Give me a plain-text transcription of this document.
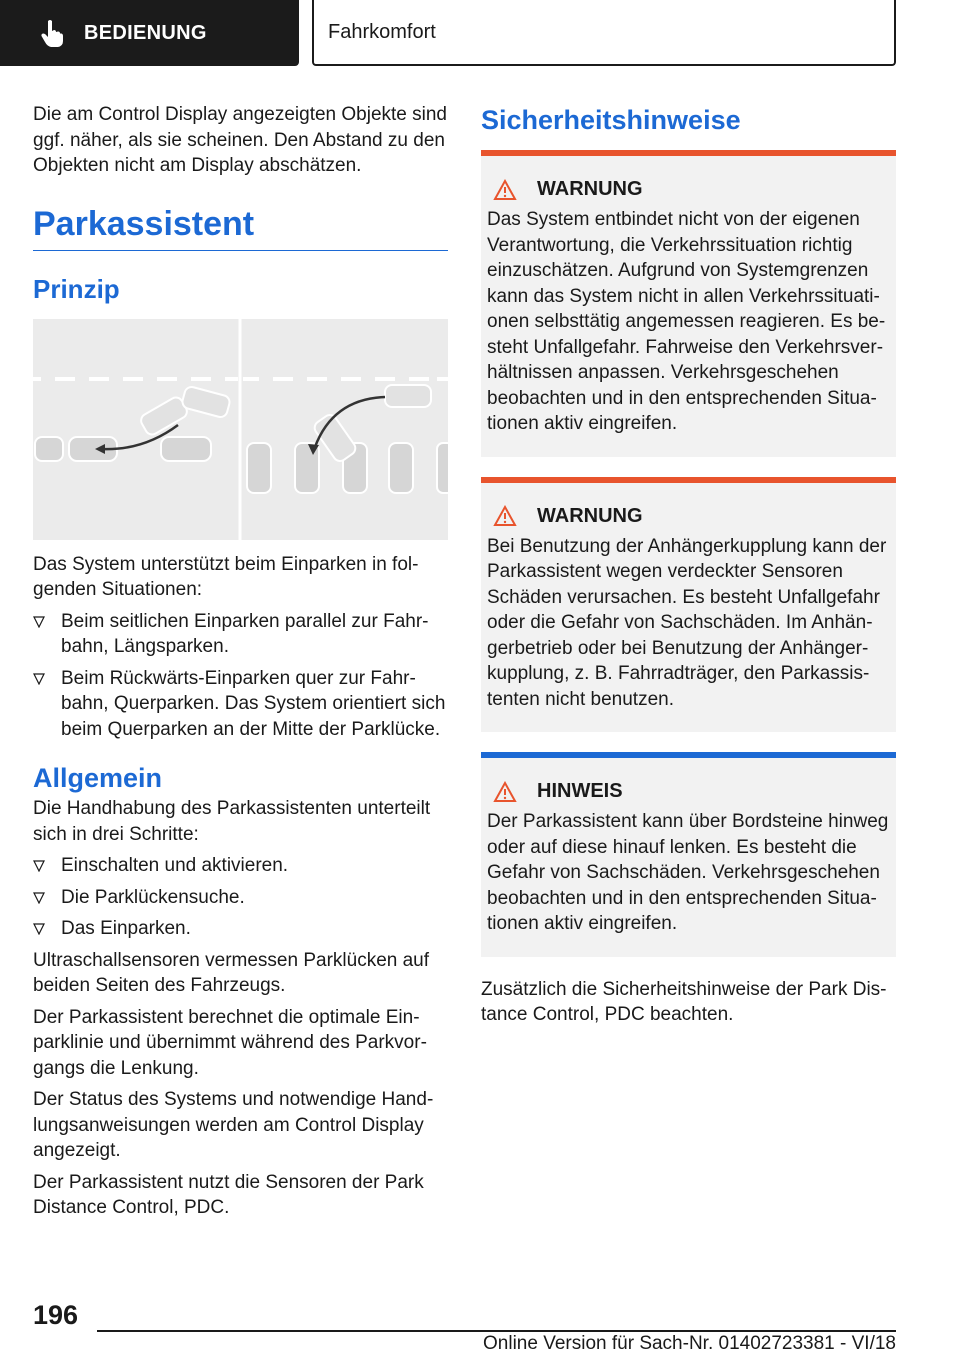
BEDIENUNG	Fahrkomfort

Die am Control Display angezeigten Objekte sind ggf. näher, als sie scheinen. Den Abstand zu den Objekten nicht am Display abschätzen.

Parkassistent
Prinzip

Das System unterstützt beim Einparken in fol-genden Situationen:

Beim seitlichen Einparken parallel zur Fahr-bahn, Längsparken.
Beim Rückwärts-Einparken quer zur Fahr-bahn, Querparken. Das System orientiert sich beim Querparken an der Mitte der Parklücke.
Allgemein

Die Handhabung des Parkassistenten unterteilt sich in drei Schritte:

Einschalten und aktivieren.
Die Parklückensuche.
Das Einparken.

Ultraschallsensoren vermessen Parklücken auf beiden Seiten des Fahrzeugs.

Der Parkassistent berechnet die optimale Ein-parklinie und übernimmt während des Parkvor-gangs die Lenkung.

Der Status des Systems und notwendige Hand-lungsanweisungen werden am Control Display angezeigt.

Der Parkassistent nutzt die Sensoren der Park Distance Control, PDC.

Sicherheitshinweise
WARNUNG
Das System entbindet nicht von der eigenen Verantwortung, die Verkehrssituation richtig einzuschätzen. Aufgrund von Systemgrenzen kann das System nicht in allen Verkehrssituati-onen selbsttätig angemessen reagieren. Es be-steht Unfallgefahr. Fahrweise den Verkehrsver-hältnissen anpassen. Verkehrsgeschehen beobachten und in den entsprechenden Situa-tionen aktiv eingreifen.
WARNUNG
Bei Benutzung der Anhängerkupplung kann der Parkassistent wegen verdeckter Sensoren Schäden verursachen. Es besteht Unfallgefahr oder die Gefahr von Sachschäden. Im Anhän-gerbetrieb oder bei Benutzung der Anhänger-kupplung, z. B. Fahrradträger, den Parkassis-tenten nicht benutzen.
HINWEIS
Der Parkassistent kann über Bordsteine hinweg oder auf diese hinauf lenken. Es besteht die Gefahr von Sachschäden. Verkehrsgeschehen beobachten und in den entsprechenden Situa-tionen aktiv eingreifen.

Zusätzlich die Sicherheitshinweise der Park Dis-tance Control, PDC beachten.

196
Online Version für Sach-Nr. 01402723381 - VI/18
